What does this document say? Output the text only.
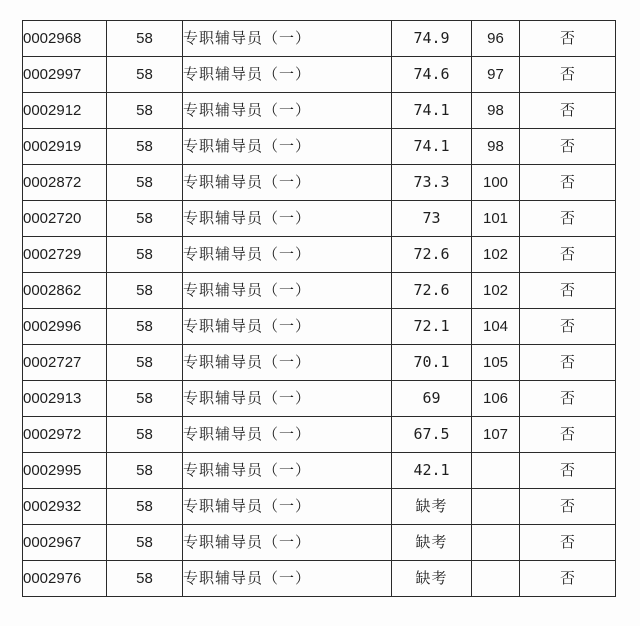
0002968	58	专职辅导员（一）	74.9	96	否
0002997	58	专职辅导员（一）	74.6	97	否
0002912	58	专职辅导员（一）	74.1	98	否
0002919	58	专职辅导员（一）	74.1	98	否
0002872	58	专职辅导员（一）	73.3	100	否
0002720	58	专职辅导员（一）	73	101	否
0002729	58	专职辅导员（一）	72.6	102	否
0002862	58	专职辅导员（一）	72.6	102	否
0002996	58	专职辅导员（一）	72.1	104	否
0002727	58	专职辅导员（一）	70.1	105	否
0002913	58	专职辅导员（一）	69	106	否
0002972	58	专职辅导员（一）	67.5	107	否
0002995	58	专职辅导员（一）	42.1		否
0002932	58	专职辅导员（一）	缺考		否
0002967	58	专职辅导员（一）	缺考		否
0002976	58	专职辅导员（一）	缺考		否
